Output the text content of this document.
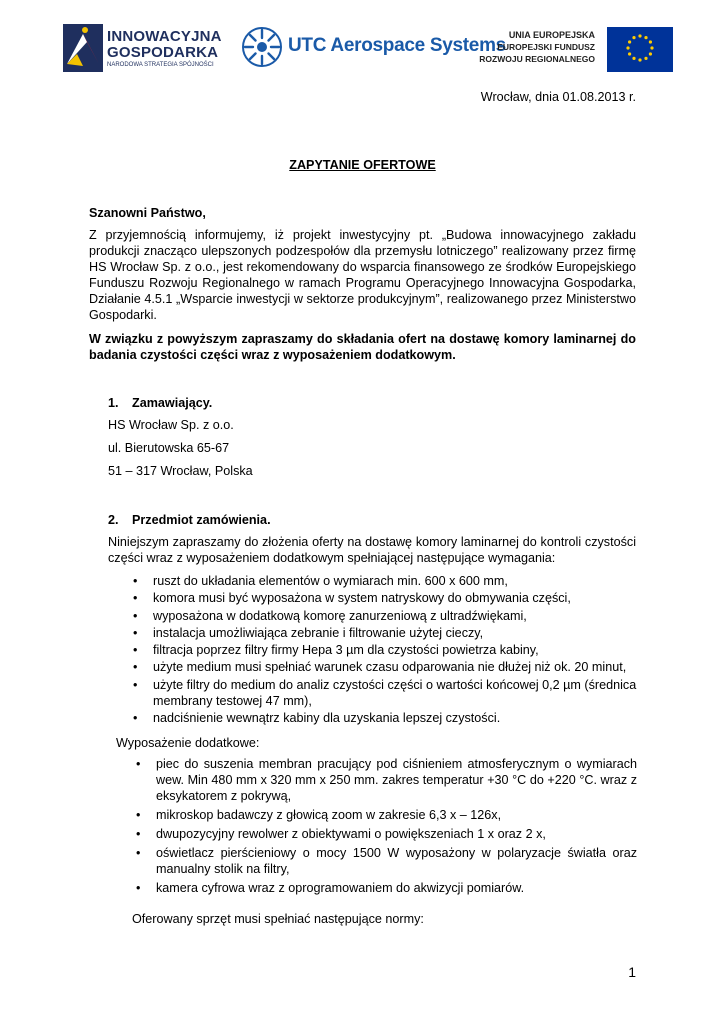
INNOWACYJNA
GOSPODARKA
NARODOWA STRATEGIA SPÓJNOŚCI
UTC Aerospace Systems UNIA EUROPEJSKA
EUROPEJSKI FUNDUSZ
ROZWOJU REGIONALNEGO
Wrocław, dnia 01.08.2013 r.
ZAPYTANIE OFERTOWE
Szanowni Państwo,
Z przyjemnością informujemy, iż projekt inwestycyjny pt. „Budowa innowacyjnego zakładu produkcji znacząco ulepszonych podzespołów dla przemysłu lotniczego” realizowany przez firmę HS Wrocław Sp. z o.o., jest rekomendowany do wsparcia finansowego ze środków Europejskiego Funduszu Rozwoju Regionalnego w ramach Programu Operacyjnego Innowacyjna Gospodarka, Działanie 4.5.1 „Wsparcie inwestycji w sektorze produkcyjnym”, realizowanego przez Ministerstwo Gospodarki.
W związku z powyższym zapraszamy do składania ofert na dostawę komory laminarnej do badania czystości części wraz z wyposażeniem dodatkowym.
1. Zamawiający.
HS Wrocław Sp. z o.o.
ul. Bierutowska 65-67
51 – 317 Wrocław, Polska
2. Przedmiot zamówienia.
Niniejszym zapraszamy do złożenia oferty na dostawę komory laminarnej do kontroli czystości części wraz z wyposażeniem dodatkowym spełniającej następujące wymagania:
• ruszt do układania elementów o wymiarach min. 600 x 600 mm,
• komora musi być wyposażona w system natryskowy do obmywania części,
• wyposażona w dodatkową komorę zanurzeniową z ultradźwiękami,
• instalacja umożliwiająca zebranie i filtrowanie użytej cieczy,
• filtracja poprzez filtry firmy Hepa 3 µm dla czystości powietrza kabiny,
• użyte medium musi spełniać warunek czasu odparowania nie dłużej niż ok. 20 minut,
• użyte filtry do medium do analiz czystości części o wartości końcowej 0,2 µm (średnica membrany testowej 47 mm),
• nadciśnienie wewnątrz kabiny dla uzyskania lepszej czystości.
Wyposażenie dodatkowe:
• piec do suszenia membran pracujący pod ciśnieniem atmosferycznym o wymiarach wew. Min 480 mm x 320 mm x 250 mm. zakres temperatur +30 °C do +220 °C. wraz z eksykatorem z pokrywą,
• mikroskop badawczy z głowicą zoom w zakresie 6,3 x – 126x,
• dwupozycyjny rewolwer z obiektywami o powiększeniach 1 x oraz 2 x,
• oświetlacz pierścieniowy o mocy 1500 W wyposażony w polaryzacje światła oraz manualny stolik na filtry,
• kamera cyfrowa wraz z oprogramowaniem do akwizycji pomiarów.
Oferowany sprzęt musi spełniać następujące normy:
1
